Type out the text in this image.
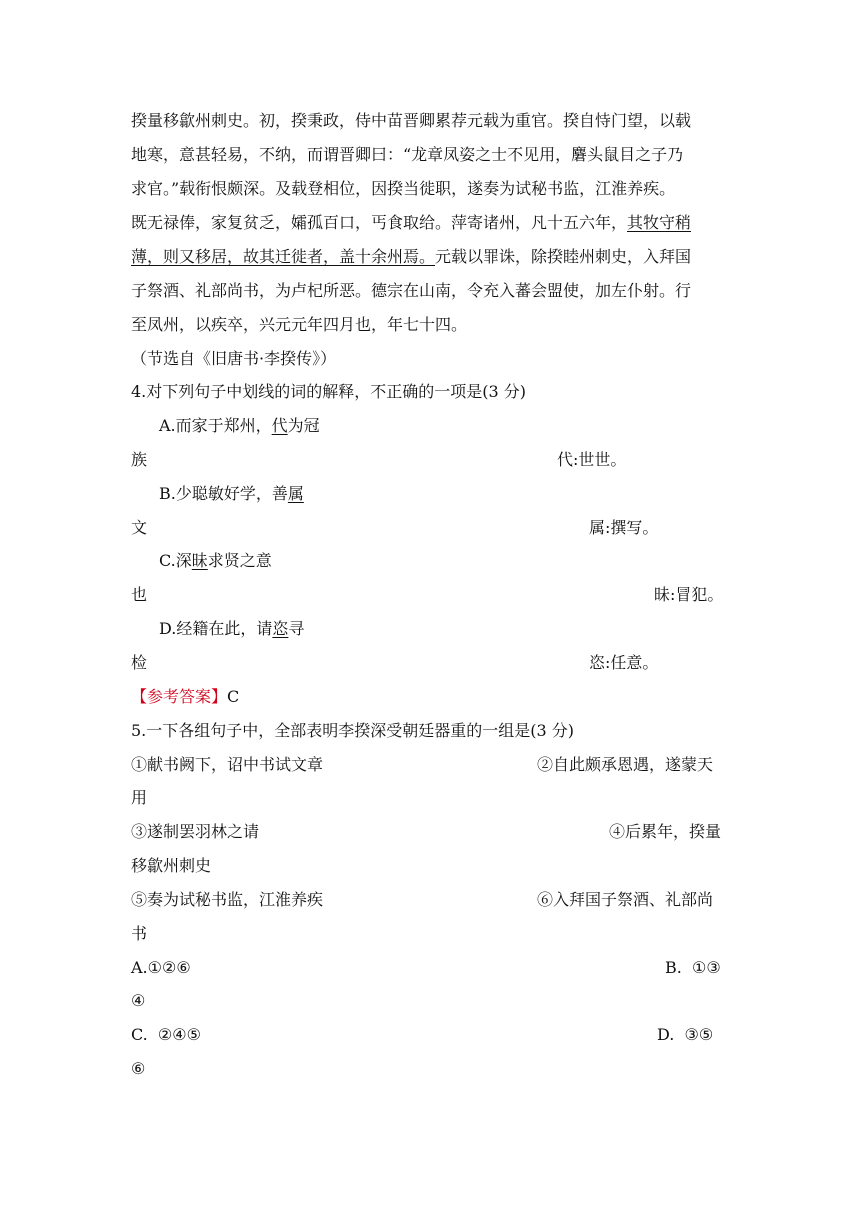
揆量移歙州刺史。初，揆秉政，侍中苗晋卿累荐元载为重官。揆自恃门望，以载
地寒，意甚轻易，不纳，而谓晋卿曰：“龙章凤姿之士不见用，麏头鼠目之子乃
求官。”载衔恨颇深。及载登相位，因揆当徙职，遂奏为试秘书监，江淮养疾。
既无禄俸，家复贫乏，孀孤百口，丐食取给。萍寄诸州，凡十五六年，其牧守稍
薄，则又移居，故其迁徙者，盖十余州焉。元载以罪诛，除揆睦州刺史，入拜国
子祭酒、礼部尚书，为卢杞所恶。德宗在山南，令充入蕃会盟使，加左仆射。行
至凤州，以疾卒，兴元元年四月也，年七十四。
（节选自《旧唐书·李揆传》）
4.对下列句子中划线的词的解释，不正确的一项是(3 分)
A.而家于郑州，代为冠
族	代:世世。
B.少聪敏好学，善属
文	属:撰写。
C.深昧求贤之意
也	昧:冒犯。
D.经籍在此，请恣寻
检	恣:任意。
【参考答案】C
5.一下各组句子中，全部表明李揆深受朝廷器重的一组是(3 分)
①献书阙下，诏中书试文章	②自此颇承恩遇，遂蒙天
用
③遂制罢羽林之请	④后累年，揆量
移歙州刺史
⑤奏为试秘书监，江淮养疾	⑥入拜国子祭酒、礼部尚
书
A.①②⑥	B.  ①③
④
C.  ②④⑤	D.  ③⑤
⑥
